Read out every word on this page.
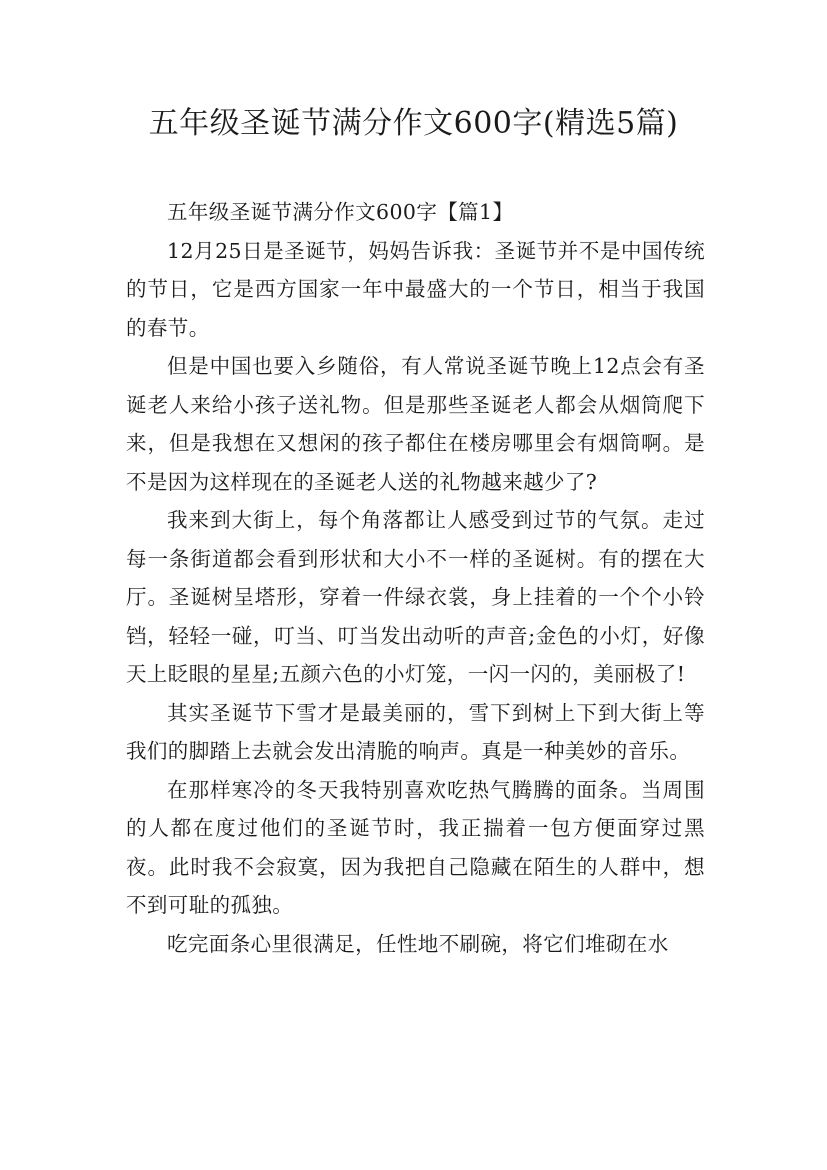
五年级圣诞节满分作文600字(精选5篇)

五年级圣诞节满分作文600字【篇1】

12月25日是圣诞节，妈妈告诉我：圣诞节并不是中国传统的节日，它是西方国家一年中最盛大的一个节日，相当于我国的春节。

但是中国也要入乡随俗，有人常说圣诞节晚上12点会有圣诞老人来给小孩子送礼物。但是那些圣诞老人都会从烟筒爬下来，但是我想在又想闲的孩子都住在楼房哪里会有烟筒啊。是不是因为这样现在的圣诞老人送的礼物越来越少了?

我来到大街上，每个角落都让人感受到过节的气氛。走过每一条街道都会看到形状和大小不一样的圣诞树。有的摆在大厅。圣诞树呈塔形，穿着一件绿衣裳，身上挂着的一个个小铃铛，轻轻一碰，叮当、叮当发出动听的声音;金色的小灯，好像天上眨眼的星星;五颜六色的小灯笼，一闪一闪的，美丽极了!

其实圣诞节下雪才是最美丽的，雪下到树上下到大街上等我们的脚踏上去就会发出清脆的响声。真是一种美妙的音乐。

在那样寒冷的冬天我特别喜欢吃热气腾腾的面条。当周围的人都在度过他们的圣诞节时，我正揣着一包方便面穿过黑夜。此时我不会寂寞，因为我把自己隐藏在陌生的人群中，想不到可耻的孤独。

吃完面条心里很满足，任性地不刷碗，将它们堆砌在水
